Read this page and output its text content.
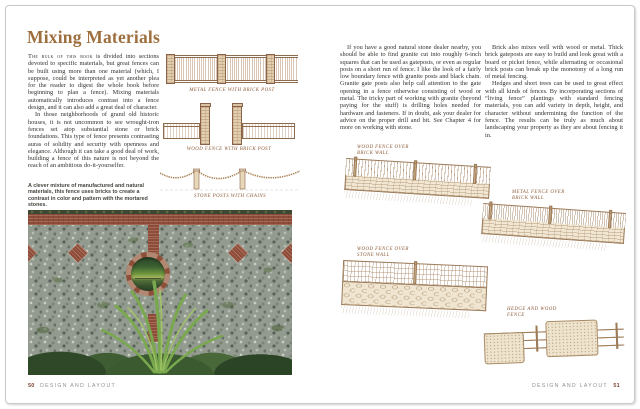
Mixing Materials

The bulk of this book is divided into sections devoted to specific materials, but great fences can be built using more than one material (which, I suppose, could be interpreted as yet another plea for the reader to digest the whole book before beginning to plan a fence). Mixing materials automatically introduces contrast into a fence design, and it can also add a great deal of character.

In those neighborhoods of grand old historic houses, it is not uncommon to see wrought-iron fences set atop substantial stone or brick foundations. This type of fence presents contrasting auras of solidity and security with openness and elegance. Although it can take a good deal of work, building a fence of this nature is not beyond the reach of an ambitious do-it-yourselfer.

A clever mixture of manufactured and natural materials, this fence uses bricks to create a contrast in color and pattern with the mortared stones.

METAL FENCE WITH BRICK POST
WOOD FENCE WITH BRICK POST
STONE POSTS WITH CHAINS
50 DESIGN AND LAYOUT

If you have a good natural stone dealer nearby, you should be able to find granite cut into roughly 6-inch squares that can be used as gateposts, or even as regular posts on a short run of fence. I like the look of a fairly low boundary fence with granite posts and black chain. Granite gate posts also help call attention to the gate opening in a fence otherwise consisting of wood or metal. The tricky part of working with granite (beyond paying for the stuff) is drilling holes needed for hardware and fasteners. If in doubt, ask your dealer for advice on the proper drill and bit. See Chapter 4 for more on working with stone.

Brick also mixes well with wood or metal. Thick brick gateposts are easy to build and look great with a board or picket fence, while alternating or occasional brick posts can break up the monotony of a long run of metal fencing.

Hedges and short trees can be used to great effect with all kinds of fences. By incorporating sections of “living fence” plantings with standard fencing materials, you can add variety in depth, height, and character without undermining the function of the fence. The results can be truly as much about landscaping your property as they are about fencing it in.

WOOD FENCE OVER BRICK WALL
METAL FENCE OVER BRICK WALL
WOOD FENCE OVER STONE WALL
HEDGE AND WOOD FENCE
DESIGN AND LAYOUT 51
